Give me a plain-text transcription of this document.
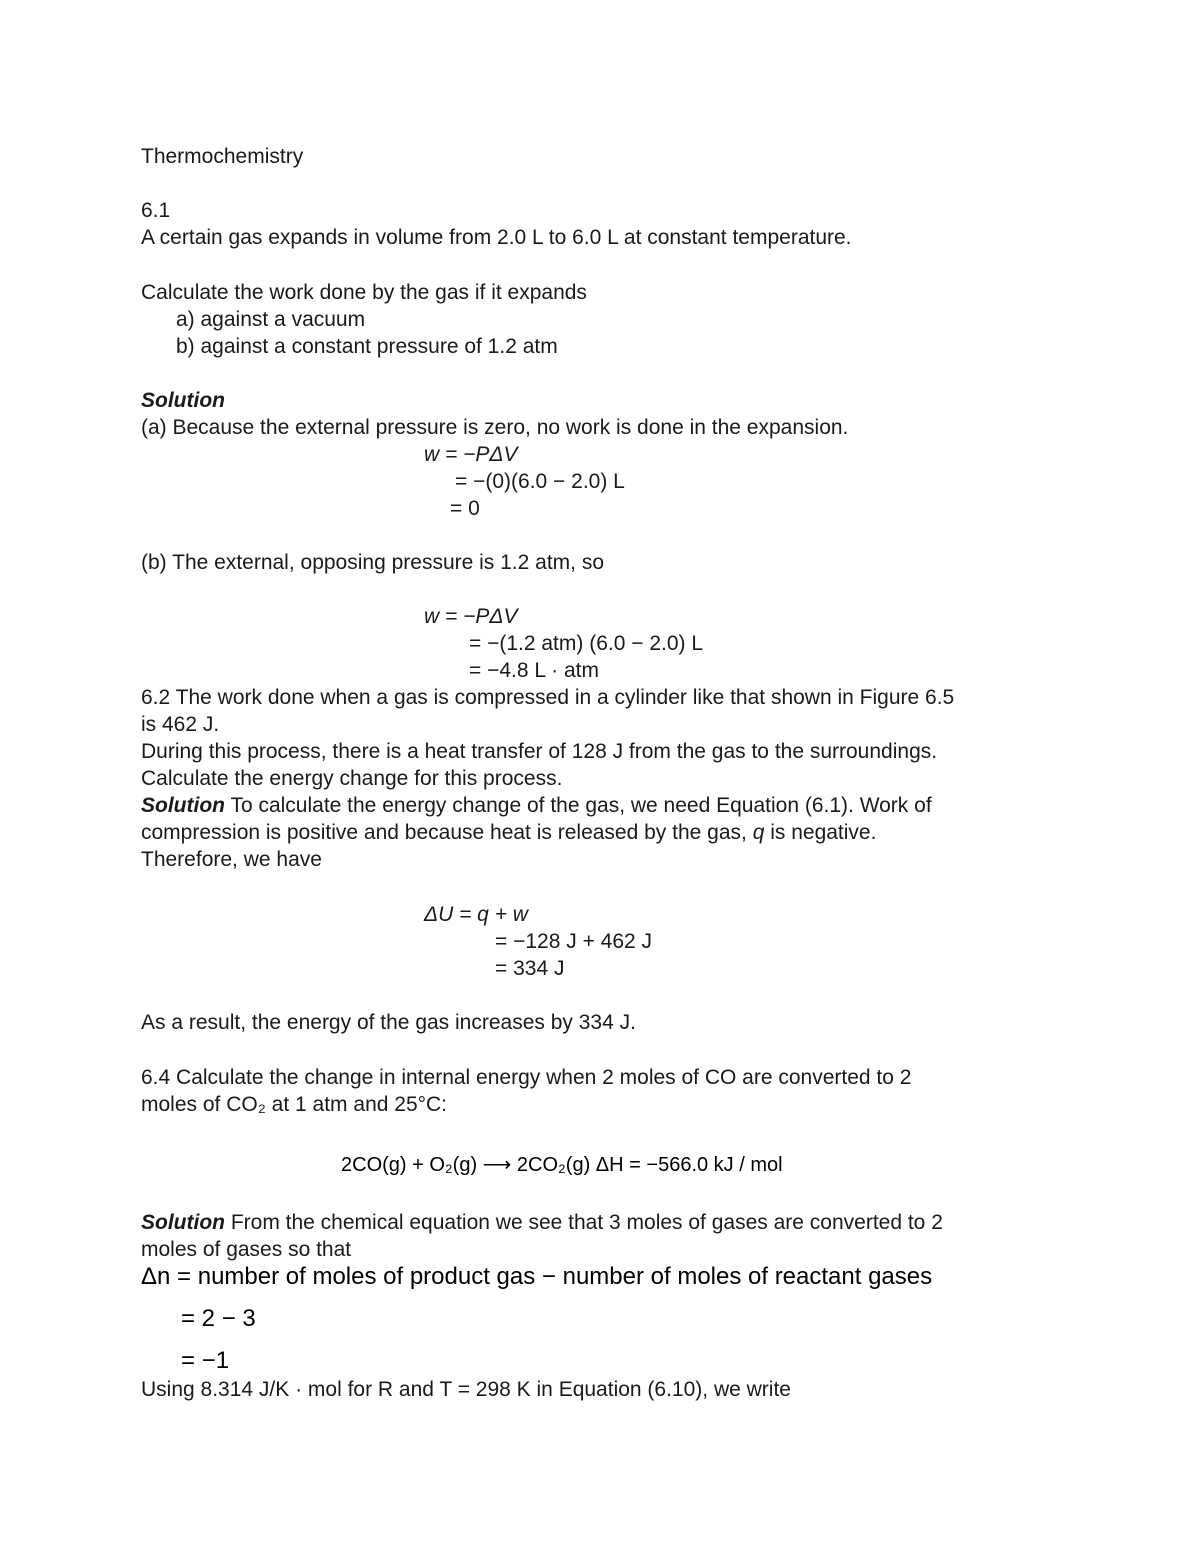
Thermochemistry
6.1
A certain gas expands in volume from 2.0 L to 6.0 L at constant temperature.
Calculate the work done by the gas if it expands
a) against a vacuum
b) against a constant pressure of 1.2 atm
Solution
(a) Because the external pressure is zero, no work is done in the expansion.
w = −PΔV
= −(0)(6.0 − 2.0) L
= 0
(b) The external, opposing pressure is 1.2 atm, so
w = −PΔV
= −(1.2 atm) (6.0 − 2.0) L
= −4.8 L · atm
6.2 The work done when a gas is compressed in a cylinder like that shown in Figure 6.5
is 462 J.
During this process, there is a heat transfer of 128 J from the gas to the surroundings.
Calculate the energy change for this process.
Solution To calculate the energy change of the gas, we need Equation (6.1). Work of
compression is positive and because heat is released by the gas, q is negative.
Therefore, we have
ΔU = q + w
= −128 J + 462 J
= 334 J
As a result, the energy of the gas increases by 334 J.
6.4 Calculate the change in internal energy when 2 moles of CO are converted to 2
moles of CO₂ at 1 atm and 25°C:
2CO(g) + O₂(g) ⟶ 2CO₂(g) ΔH = −566.0 kJ / mol
Solution From the chemical equation we see that 3 moles of gases are converted to 2
moles of gases so that
Δn = number of moles of product gas − number of moles of reactant gases
= 2 − 3
= −1
Using 8.314 J/K · mol for R and T = 298 K in Equation (6.10), we write
